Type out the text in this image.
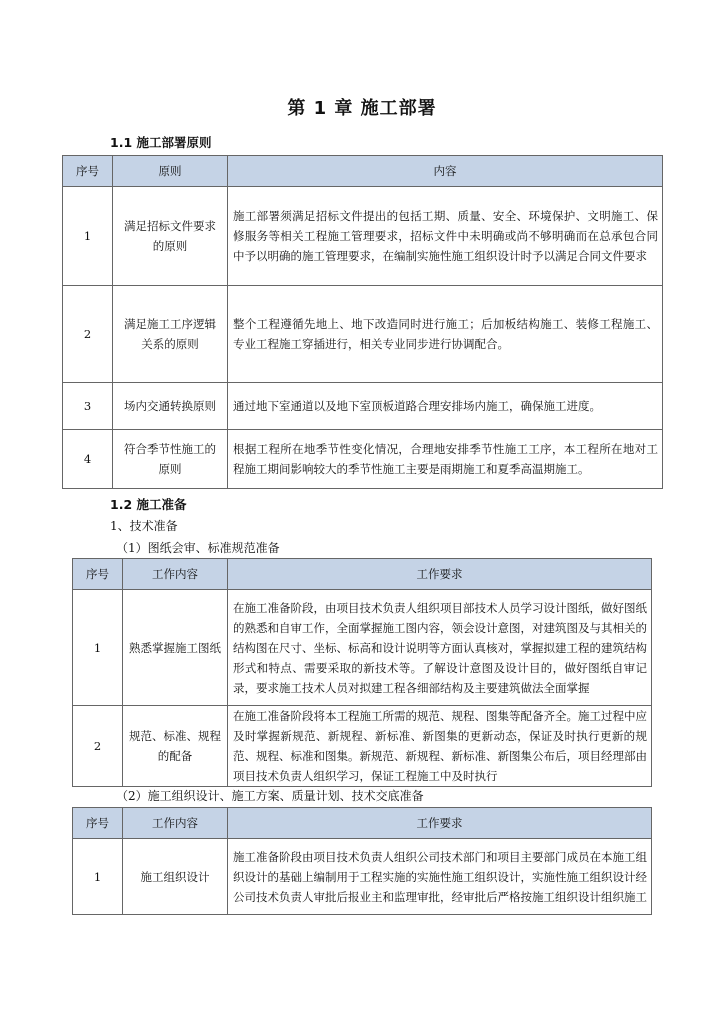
第 1 章 施工部署

1.1 施工部署原则

序号	原则	内容
1	满足招标文件要求的原则	施工部署须满足招标文件提出的包括工期、质量、安全、环境保护、文明施工、保修服务等相关工程施工管理要求，招标文件中未明确或尚不够明确而在总承包合同中予以明确的施工管理要求，在编制实施性施工组织设计时予以满足合同文件要求
2	满足施工工序逻辑关系的原则	整个工程遵循先地上、地下改造同时进行施工；后加板结构施工、装修工程施工、专业工程施工穿插进行，相关专业同步进行协调配合。
3	场内交通转换原则	通过地下室通道以及地下室顶板道路合理安排场内施工，确保施工进度。
4	符合季节性施工的原则	根据工程所在地季节性变化情况，合理地安排季节性施工工序，本工程所在地对工程施工期间影响较大的季节性施工主要是雨期施工和夏季高温期施工。

1.2 施工准备

1、技术准备

（1）图纸会审、标准规范准备

序号	工作内容	工作要求
1	熟悉掌握施工图纸	在施工准备阶段，由项目技术负责人组织项目部技术人员学习设计图纸，做好图纸的熟悉和自审工作，全面掌握施工图内容，领会设计意图，对建筑图及与其相关的结构图在尺寸、坐标、标高和设计说明等方面认真核对，掌握拟建工程的建筑结构形式和特点、需要采取的新技术等。了解设计意图及设计目的，做好图纸自审记录，要求施工技术人员对拟建工程各细部结构及主要建筑做法全面掌握
2	规范、标准、规程的配备	在施工准备阶段将本工程施工所需的规范、规程、图集等配备齐全。施工过程中应及时掌握新规范、新规程、新标准、新图集的更新动态，保证及时执行更新的规范、规程、标准和图集。新规范、新规程、新标准、新图集公布后，项目经理部由项目技术负责人组织学习，保证工程施工中及时执行

（2）施工组织设计、施工方案、质量计划、技术交底准备

序号	工作内容	工作要求
1	施工组织设计	施工准备阶段由项目技术负责人组织公司技术部门和项目主要部门成员在本施工组织设计的基础上编制用于工程实施的实施性施工组织设计，实施性施工组织设计经公司技术负责人审批后报业主和监理审批，经审批后严格按施工组织设计组织施工
